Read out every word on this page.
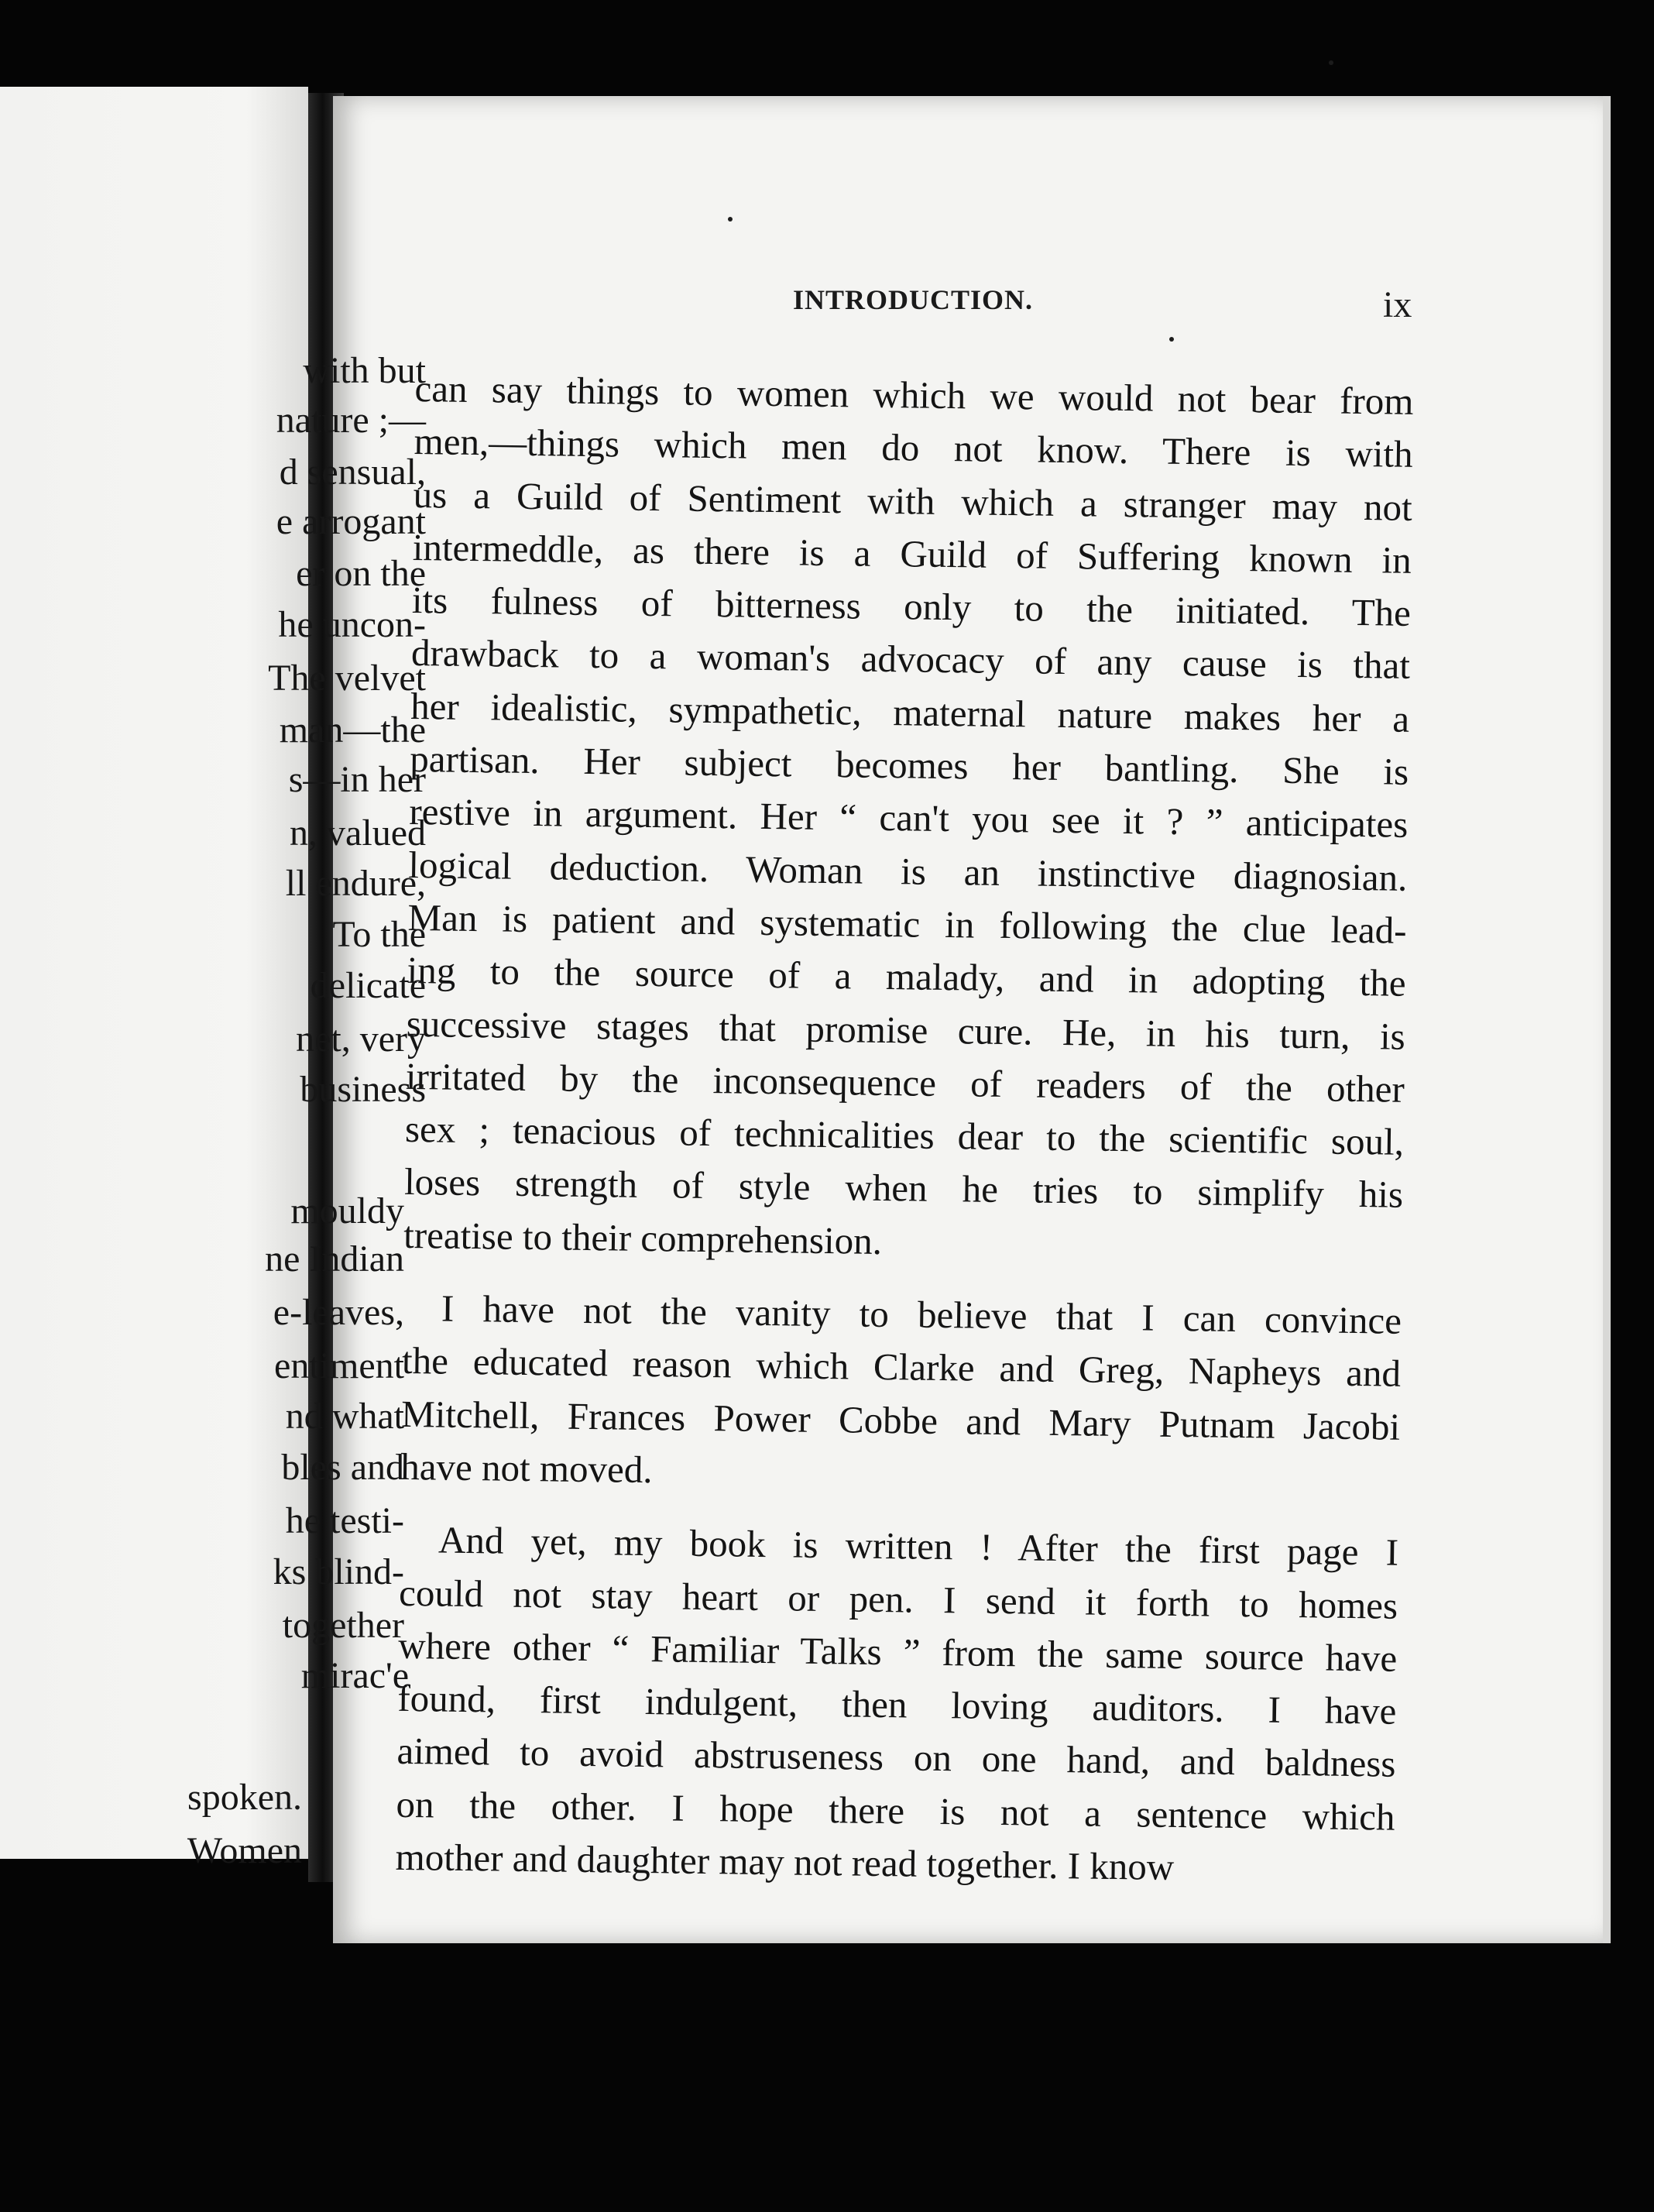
INTRODUCTION.	ix

can say things to women which we would not bear from
men,—things which men do not know. There is with
us a Guild of Sentiment with which a stranger may not
intermeddle, as there is a Guild of Suffering known in
its fulness of bitterness only to the initiated. The
drawback to a woman's advocacy of any cause is that
her idealistic, sympathetic, maternal nature makes her a
partisan. Her subject becomes her bantling. She is
restive in argument. Her “ can't you see it ? ” anticipates
logical deduction. Woman is an instinctive diagnosian.
Man is patient and systematic in following the clue lead-
ing to the source of a malady, and in adopting the
successive stages that promise cure. He, in his turn, is
irritated by the inconsequence of readers of the other
sex ; tenacious of technicalities dear to the scientific soul,
loses strength of style when he tries to simplify his
treatise to their comprehension.
I have not the vanity to believe that I can convince
the educated reason which Clarke and Greg, Napheys and
Mitchell, Frances Power Cobbe and Mary Putnam Jacobi
have not moved.
And yet, my book is written ! After the first page I
could not stay heart or pen. I send it forth to homes
where other “ Familiar Talks ” from the same source have
found, first indulgent, then loving auditors. I have
aimed to avoid abstruseness on one hand, and baldness
on the other. I hope there is not a sentence which
mother and daughter may not read together. I know

with but

nature ;—

d sensual,

e arrogant

er on the

he uncon-

The velvet

man—the

s—in her

n, valued

ll endure,

To the

delicate

net, very

business

mouldy

ne Indian

e-leaves,

entiment

nd what

bles and

he testi-

ks blind-

together

mirac'e

spoken.

Women
